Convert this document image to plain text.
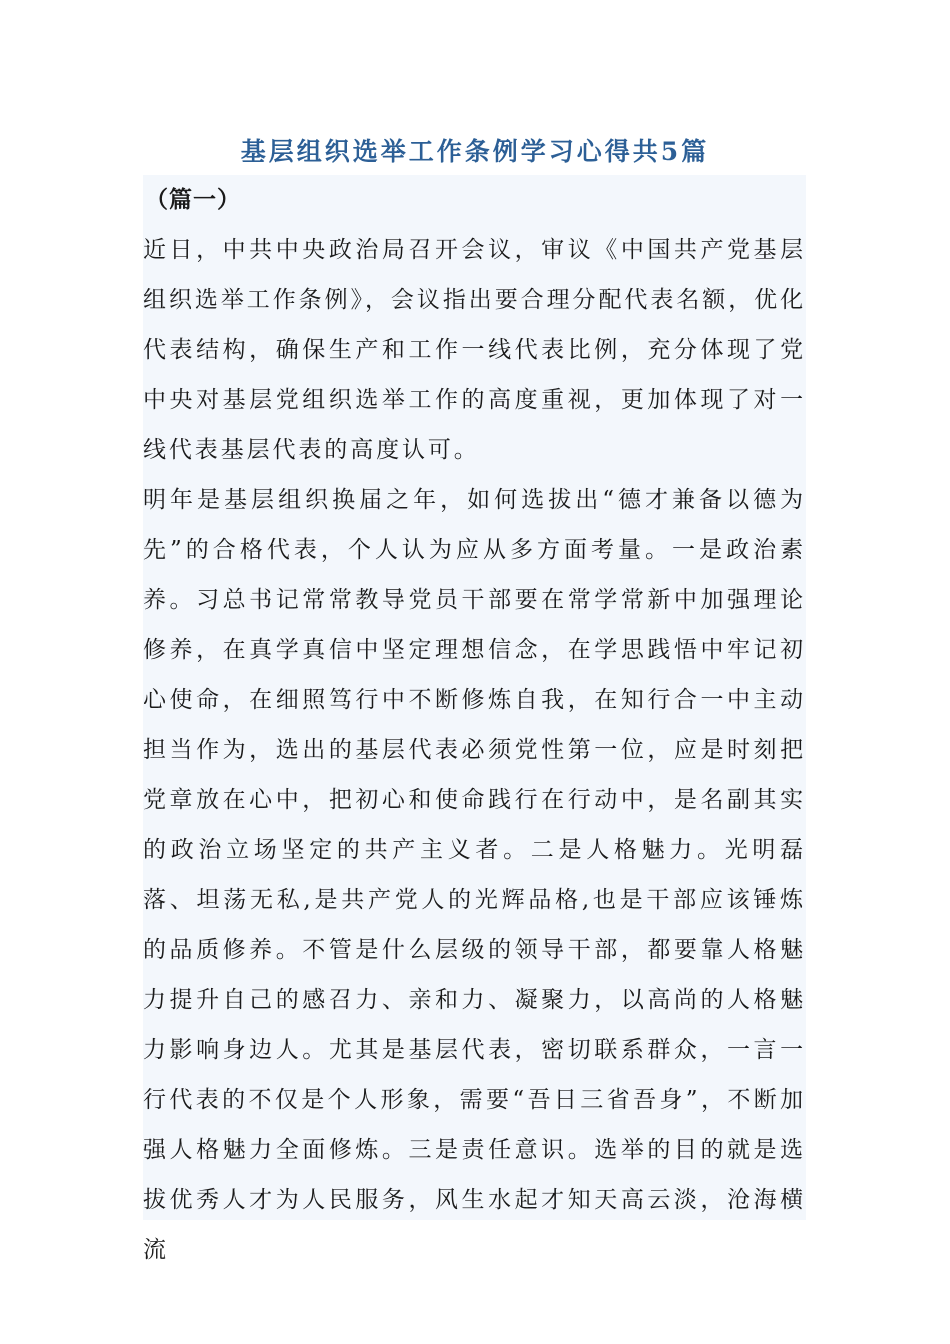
基层组织选举工作条例学习心得共5篇

（篇一）

近日，中共中央政治局召开会议，审议《中国共产党基层组织选举工作条例》，会议指出要合理分配代表名额，优化代表结构，确保生产和工作一线代表比例，充分体现了党中央对基层党组织选举工作的高度重视，更加体现了对一线代表基层代表的高度认可。

明年是基层组织换届之年，如何选拔出“德才兼备以德为先”的合格代表，个人认为应从多方面考量。一是政治素养。习总书记常常教导党员干部要在常学常新中加强理论修养，在真学真信中坚定理想信念，在学思践悟中牢记初心使命，在细照笃行中不断修炼自我，在知行合一中主动担当作为，选出的基层代表必须党性第一位，应是时刻把党章放在心中，把初心和使命践行在行动中，是名副其实的政治立场坚定的共产主义者。二是人格魅力。光明磊落、坦荡无私,是共产党人的光辉品格,也是干部应该锤炼的品质修养。不管是什么层级的领导干部，都要靠人格魅力提升自己的感召力、亲和力、凝聚力，以高尚的人格魅力影响身边人。尤其是基层代表，密切联系群众，一言一行代表的不仅是个人形象，需要“吾日三省吾身”，不断加强人格魅力全面修炼。三是责任意识。选举的目的就是选拔优秀人才为人民服务，风生水起才知天高云淡，沧海横流
